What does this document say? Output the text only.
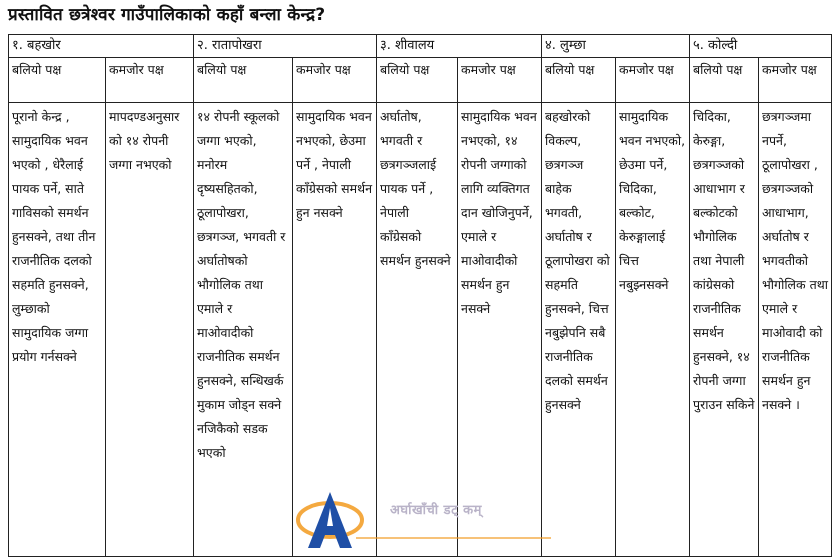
प्रस्तावित छत्रेश्वर गाउँपालिकाको कहाँ बन्ला केन्द्र?
१. बहखोर		२. रातापोखरा		३. शीवालय		४. लुम्छा		५. कोल्दी	
बलियो पक्ष	कमजोर पक्ष	बलियो पक्ष	कमजोर पक्ष	बलियो पक्ष	कमजोर पक्ष	बलियो पक्ष	कमजोर पक्ष	बलियो पक्ष	कमजोर पक्ष
पूरानो केन्द्र , सामुदायिक भवन भएको , धेरैलाई पायक पर्ने, साते गाविसको समर्थन हुनसक्ने, तथा तीन राजनीतिक दलको सहमति हुनसक्ने, लुम्छाको सामुदायिक जग्गा प्रयोग गर्नसक्ने	मापदण्डअनुसार को १४ रोपनी जग्गा नभएको	१४ रोपनी स्कूलको जग्गा भएको, मनोरम दृष्यसहितको, ठूलापोखरा, छत्रगञ्ज, भगवती र अर्घातोषको भौगोलिक तथा एमाले र माओवादीको राजनीतिक समर्थन हुनसक्ने, सन्धिखर्क मुकाम जोड्न सक्ने नजिकैको सडक भएको	सामुदायिक भवन नभएको, छेउमा पर्ने , नेपाली काँग्रेसको समर्थन हुन नसक्ने	अर्घातोष, भगवती र छत्रगञ्जलाई पायक पर्ने , नेपाली काँग्रेसको समर्थन हुनसक्ने	सामुदायिक भवन नभएको, १४ रोपनी जग्गाको लागि व्यक्तिगत दान खोजिनुपर्ने, एमाले र माओवादीको समर्थन हुन नसक्ने	बहखोरको विकल्प, छत्रगञ्ज बाहेक भगवती, अर्घातोष र ठूलापोखरा को सहमति हुनसक्ने, चित्त नबुझेपनि सबै राजनीतिक दलको समर्थन हुनसक्ने	सामुदायिक भवन नभएको, छेउमा पर्ने, चिदिका, बल्कोट, केरुङ्गालाई चित्त नबुझ्नसक्ने	चिदिका, केरुङ्गा, छत्रगञ्जको आधाभाग र बल्कोटको भौगोलिक तथा नेपाली कांग्रेसको राजनीतिक समर्थन हुनसक्ने, १४ रोपनी जग्गा पुराउन सकिने	छत्रगञ्जमा नपर्ने, ठूलापोखरा , छत्रगञ्जको आधाभाग, अर्घातोष र भगवतीको भौगोलिक तथा एमाले र माओवादी को राजनीतिक समर्थन हुन नसक्ने ।
अर्घाखाँची डट् कम्
